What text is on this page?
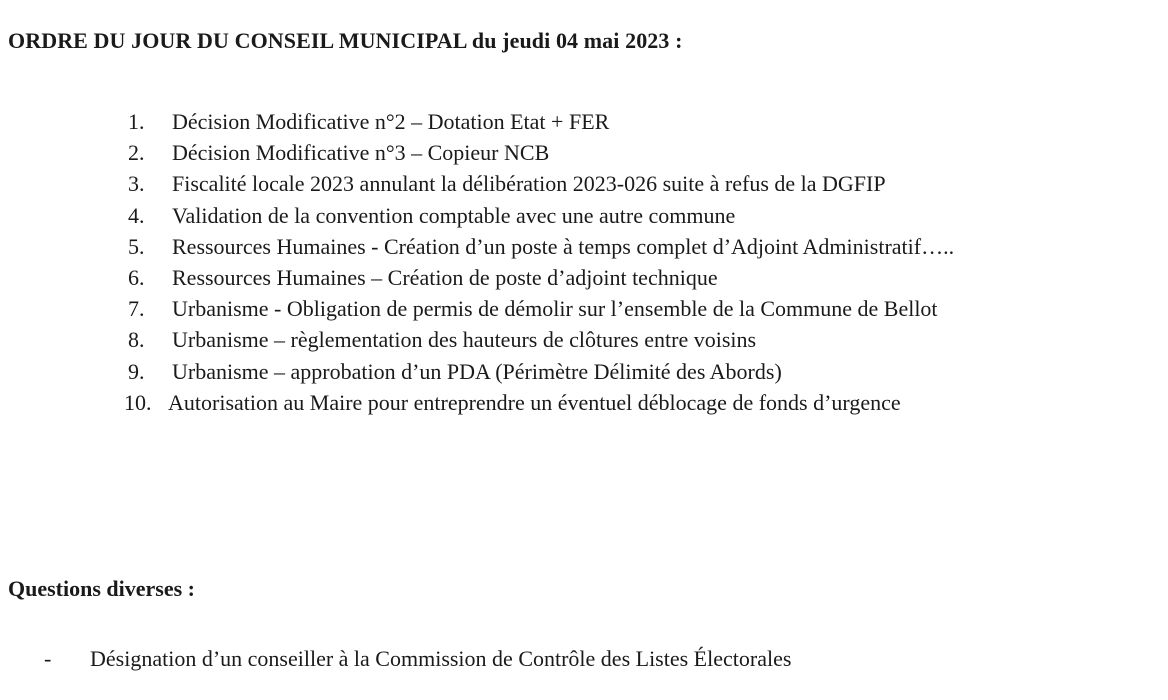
ORDRE DU JOUR DU CONSEIL MUNICIPAL du jeudi 04 mai 2023 :
1.	Décision Modificative n°2 – Dotation Etat + FER
2.	Décision Modificative n°3 – Copieur NCB
3.	Fiscalité locale 2023 annulant la délibération 2023-026 suite à refus de la DGFIP
4.	Validation de la convention comptable avec une autre commune
5.	Ressources Humaines - Création d’un poste à temps complet d’Adjoint Administratif…..
6.	Ressources Humaines – Création de poste d’adjoint technique
7.	Urbanisme - Obligation de permis de démolir sur l’ensemble de la Commune de Bellot
8.	Urbanisme – règlementation des hauteurs de clôtures entre voisins
9.	Urbanisme – approbation d’un PDA (Périmètre Délimité des Abords)
10. Autorisation au Maire pour entreprendre un éventuel déblocage de fonds d’urgence
Questions diverses :
-	Désignation d’un conseiller à la Commission de Contrôle des Listes Électorales
